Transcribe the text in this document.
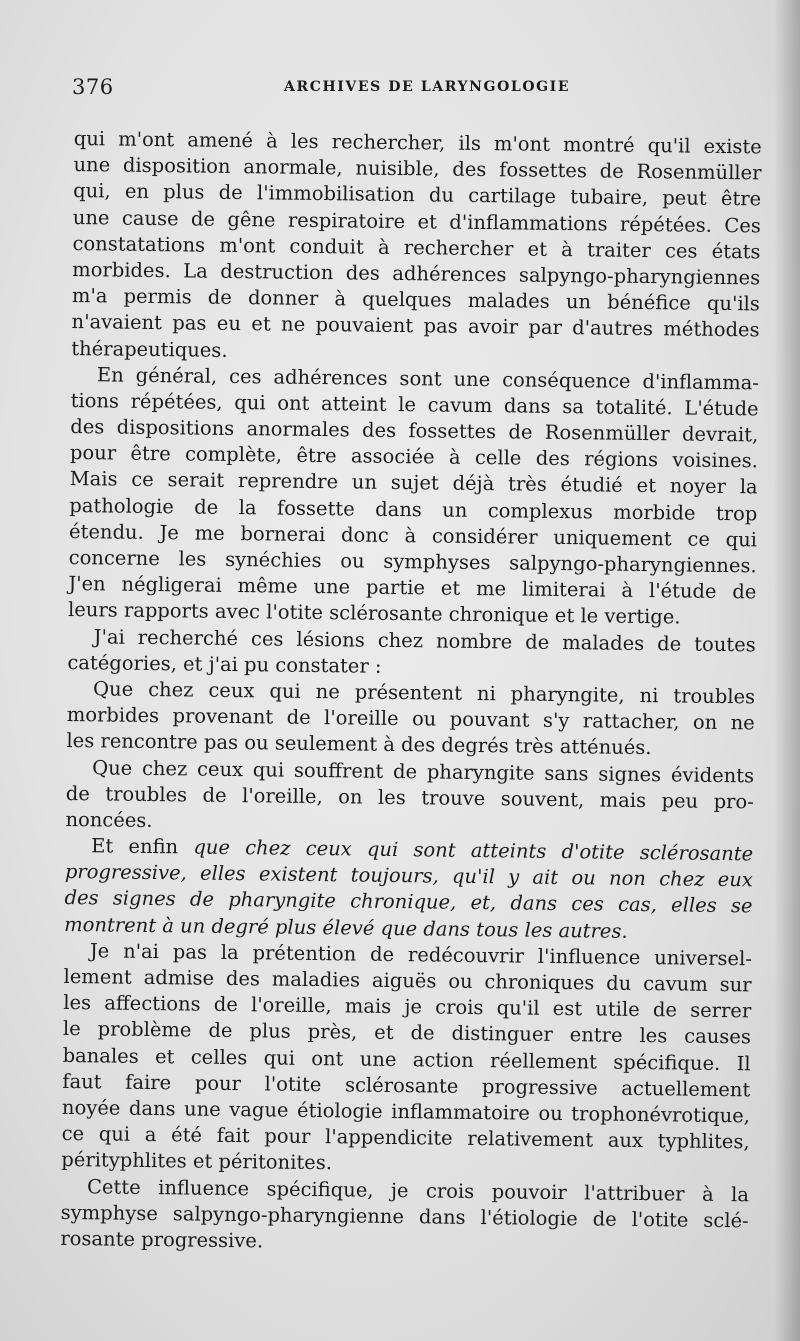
376	ARCHIVES DE LARYNGOLOGIE
qui m'ont amené à les rechercher, ils m'ont montré qu'il existe
une disposition anormale, nuisible, des fossettes de Rosenmüller
qui, en plus de l'immobilisation du cartilage tubaire, peut être
une cause de gêne respiratoire et d'inflammations répétées. Ces
constatations m'ont conduit à rechercher et à traiter ces états
morbides. La destruction des adhérences salpyngo-pharyngiennes
m'a permis de donner à quelques malades un bénéfice qu'ils
n'avaient pas eu et ne pouvaient pas avoir par d'autres méthodes
thérapeutiques.
En général, ces adhérences sont une conséquence d'inflamma-
tions répétées, qui ont atteint le cavum dans sa totalité. L'étude
des dispositions anormales des fossettes de Rosenmüller devrait,
pour être complète, être associée à celle des régions voisines.
Mais ce serait reprendre un sujet déjà très étudié et noyer la
pathologie de la fossette dans un complexus morbide trop
étendu. Je me bornerai donc à considérer uniquement ce qui
concerne les synéchies ou symphyses salpyngo-pharyngiennes.
J'en négligerai même une partie et me limiterai à l'étude de
leurs rapports avec l'otite sclérosante chronique et le vertige.
J'ai recherché ces lésions chez nombre de malades de toutes
catégories, et j'ai pu constater :
Que chez ceux qui ne présentent ni pharyngite, ni troubles
morbides provenant de l'oreille ou pouvant s'y rattacher, on ne
les rencontre pas ou seulement à des degrés très atténués.
Que chez ceux qui souffrent de pharyngite sans signes évidents
de troubles de l'oreille, on les trouve souvent, mais peu pro-
noncées.
Et enfin que chez ceux qui sont atteints d'otite sclérosante
progressive, elles existent toujours, qu'il y ait ou non chez eux
des signes de pharyngite chronique, et, dans ces cas, elles se
montrent à un degré plus élevé que dans tous les autres.
Je n'ai pas la prétention de redécouvrir l'influence universel-
lement admise des maladies aiguës ou chroniques du cavum sur
les affections de l'oreille, mais je crois qu'il est utile de serrer
le problème de plus près, et de distinguer entre les causes
banales et celles qui ont une action réellement spécifique. Il
faut faire pour l'otite sclérosante progressive actuellement
noyée dans une vague étiologie inflammatoire ou trophonévrotique,
ce qui a été fait pour l'appendicite relativement aux typhlites,
pérityphlites et péritonites.
Cette influence spécifique, je crois pouvoir l'attribuer à la
symphyse salpyngo-pharyngienne dans l'étiologie de l'otite sclé-
rosante progressive.
